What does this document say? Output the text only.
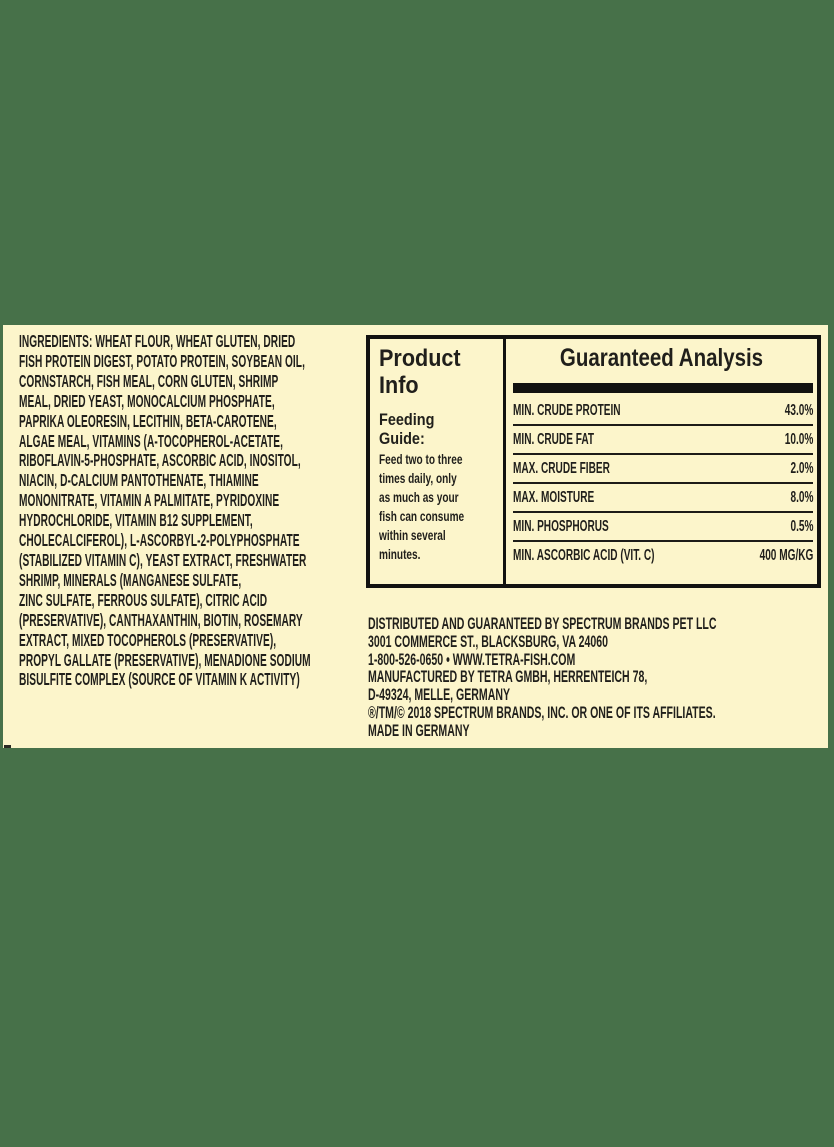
INGREDIENTS: WHEAT FLOUR, WHEAT GLUTEN, DRIED
FISH PROTEIN DIGEST, POTATO PROTEIN, SOYBEAN OIL,
CORNSTARCH, FISH MEAL, CORN GLUTEN, SHRIMP
MEAL, DRIED YEAST, MONOCALCIUM PHOSPHATE,
PAPRIKA OLEORESIN, LECITHIN, BETA-CAROTENE,
ALGAE MEAL, VITAMINS (A-TOCOPHEROL-ACETATE,
RIBOFLAVIN-5-PHOSPHATE, ASCORBIC ACID, INOSITOL,
NIACIN, D-CALCIUM PANTOTHENATE, THIAMINE
MONONITRATE, VITAMIN A PALMITATE, PYRIDOXINE
HYDROCHLORIDE, VITAMIN B12 SUPPLEMENT,
CHOLECALCIFEROL), L-ASCORBYL-2-POLYPHOSPHATE
(STABILIZED VITAMIN C), YEAST EXTRACT, FRESHWATER
SHRIMP, MINERALS (MANGANESE SULFATE,
ZINC SULFATE, FERROUS SULFATE), CITRIC ACID
(PRESERVATIVE), CANTHAXANTHIN, BIOTIN, ROSEMARY
EXTRACT, MIXED TOCOPHEROLS (PRESERVATIVE),
PROPYL GALLATE (PRESERVATIVE), MENADIONE SODIUM
BISULFITE COMPLEX (SOURCE OF VITAMIN K ACTIVITY)
Product
Info
Feeding
Guide:
Feed two to three
times daily, only
as much as your
fish can consume
within several
minutes.
Guaranteed Analysis
MIN. CRUDE PROTEIN	43.0%
MIN. CRUDE FAT	10.0%
MAX. CRUDE FIBER	2.0%
MAX. MOISTURE	8.0%
MIN. PHOSPHORUS	0.5%
MIN. ASCORBIC ACID (VIT. C)	400 MG/KG
DISTRIBUTED AND GUARANTEED BY SPECTRUM BRANDS PET LLC
3001 COMMERCE ST., BLACKSBURG, VA 24060
1-800-526-0650 • WWW.TETRA-FISH.COM
MANUFACTURED BY TETRA GMBH, HERRENTEICH 78,
D-49324, MELLE, GERMANY
®/TM/© 2018 SPECTRUM BRANDS, INC. OR ONE OF ITS AFFILIATES.
MADE IN GERMANY
